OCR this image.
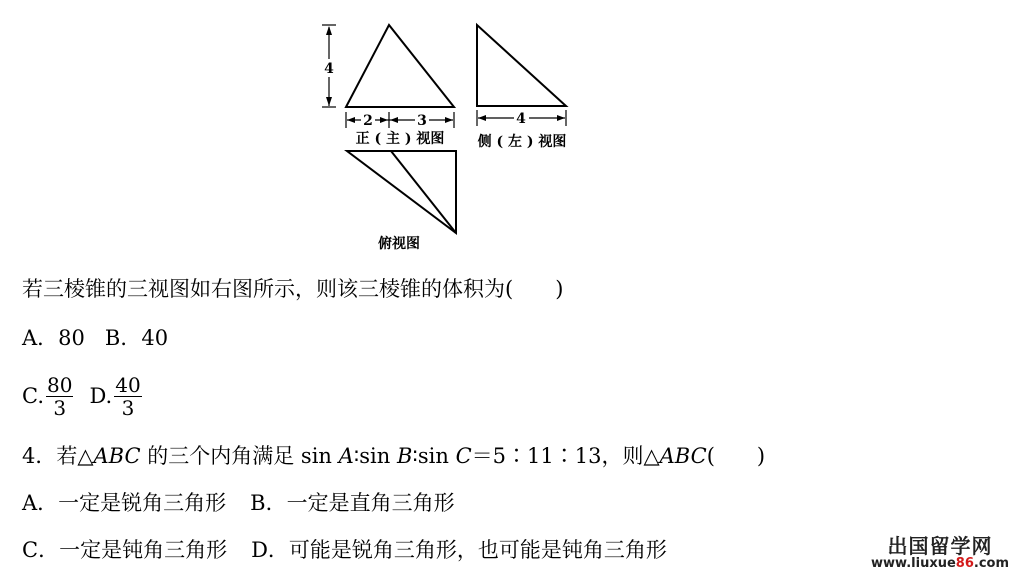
4
2	3
正 ( 主 ) 视图
4
侧 ( 左 ) 视图
俯视图
若三棱锥的三视图如右图所示，则该三棱锥的体积为(　　)
A． 80 B． 40
C. $\frac{80}{3} D$. $\frac{40}{3}$
4．若△ ABC 的三个内角满足 sin A ∶sin B ∶sin C ＝5∶11∶13，则△ ABC (　　)
A．一定是锐角三角形 B．一定是直角三角形
C．一定是钝角三角形 D．可能是锐角三角形，也可能是钝角三角形	出国留学网
www.liuxue86.com
